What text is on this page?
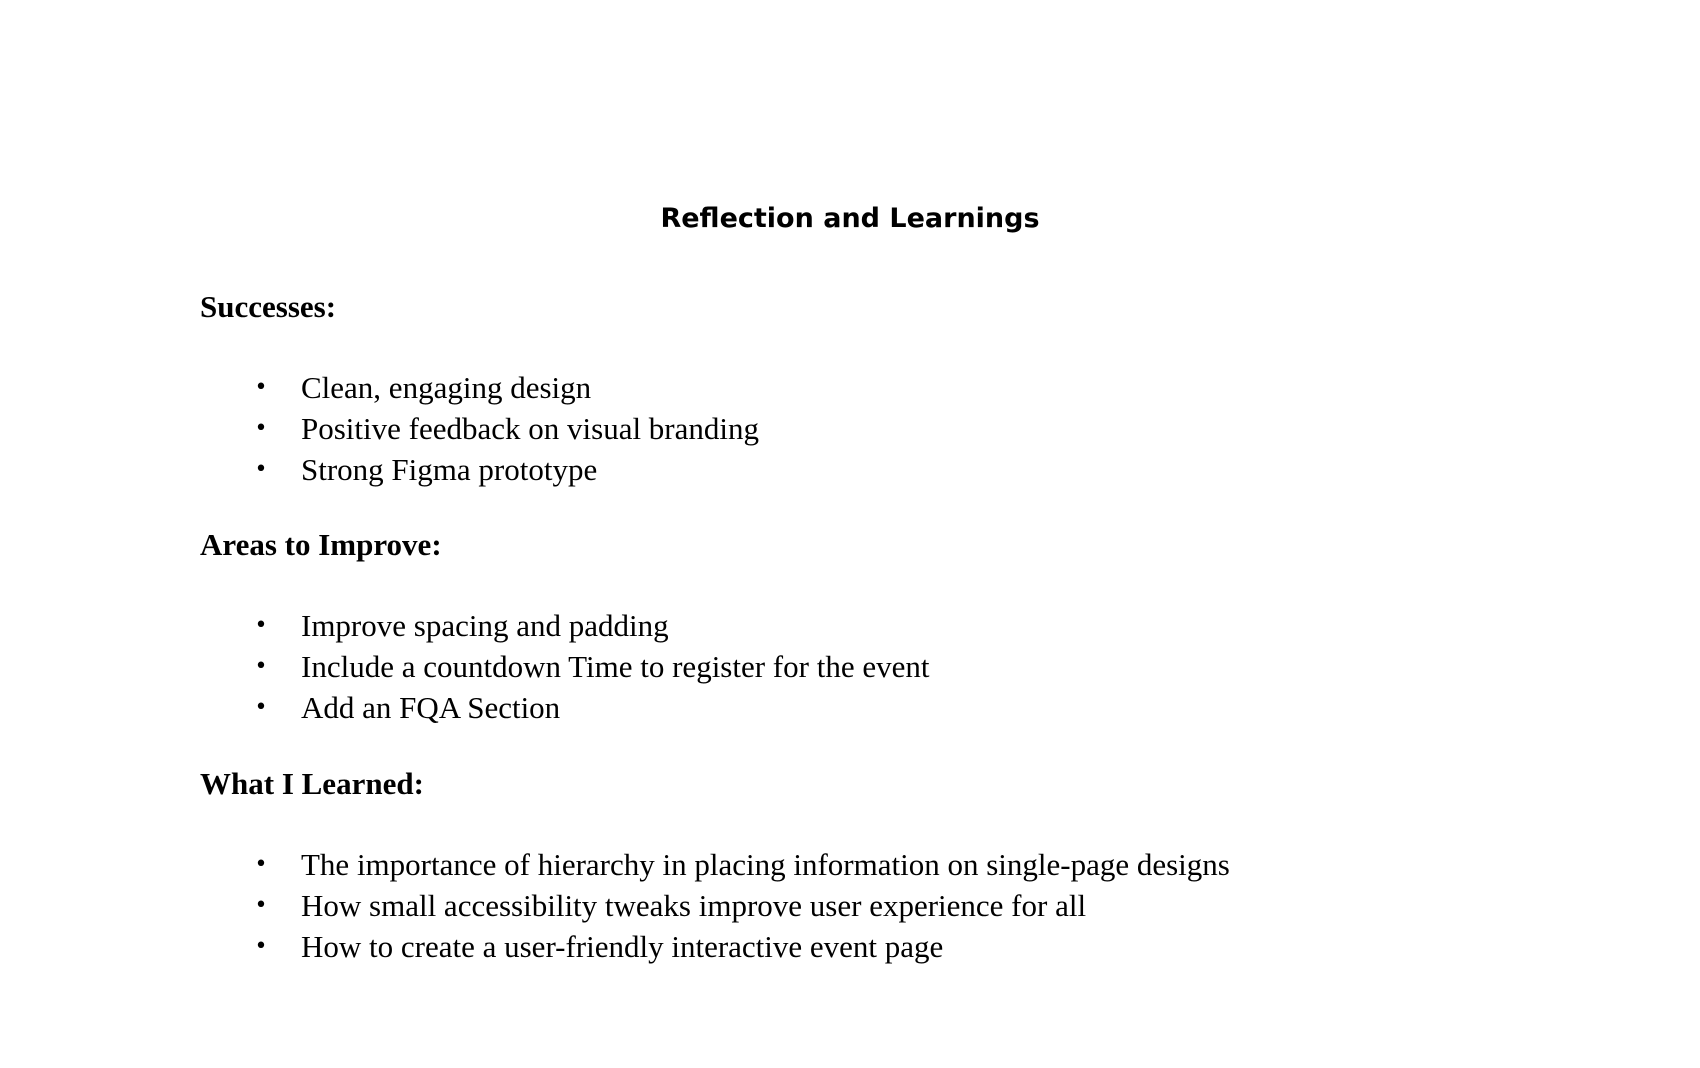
Reflection and Learnings
Successes:
• Clean, engaging design
• Positive feedback on visual branding
• Strong Figma prototype
Areas to Improve:
• Improve spacing and padding
• Include a countdown Time to register for the event
• Add an FQA Section
What I Learned:
• The importance of hierarchy in placing information on single-page designs
• How small accessibility tweaks improve user experience for all
• How to create a user-friendly interactive event page
